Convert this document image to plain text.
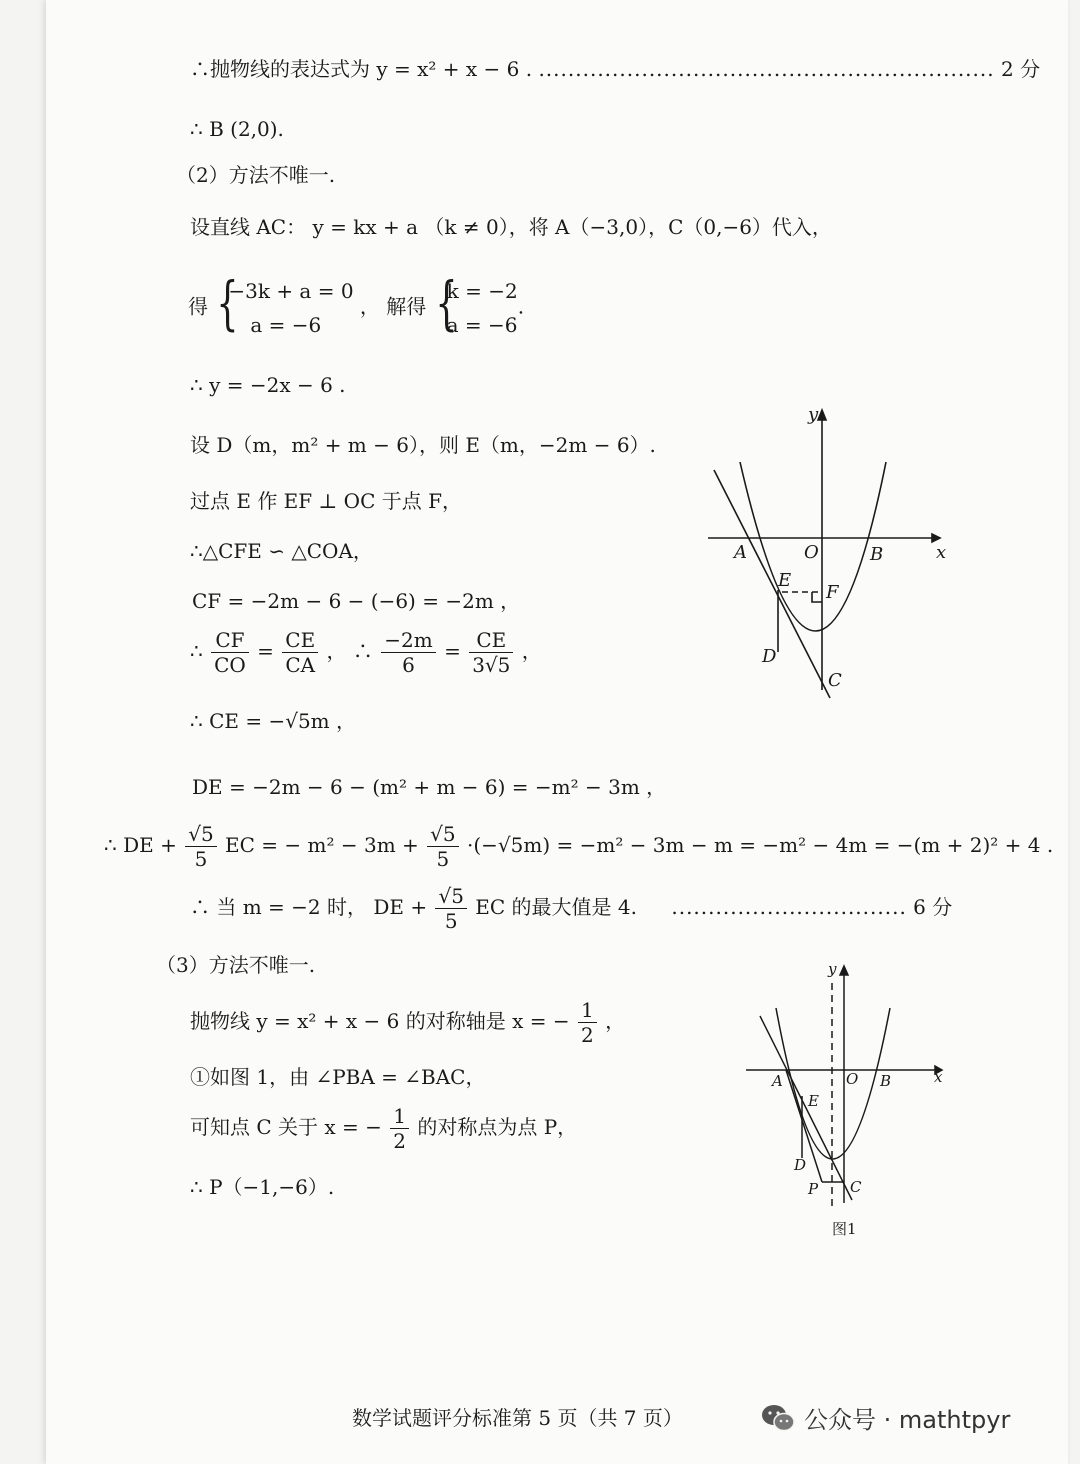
∴抛物线的表达式为 y = x² + x − 6 . .............................................................. 2 分
∴ B (2,0).
（2）方法不唯一.
设直线 AC： y = kx + a （k ≠ 0），将 A（−3,0），C（0,−6）代入，
得 {
−3k + a = 0
a = −6
， 解得 {
k = −2
a = −6
.
∴ y = −2x − 6 .
设 D（m，m² + m − 6），则 E（m，−2m − 6）.
过点 E 作 EF ⊥ OC 于点 F，
∴△CFE ∽ △COA，
CF = −2m − 6 − (−6) = −2m ，
∴ $\frac{CF}{CO} = \frac{CE}{CA}$ ， ∴ $\frac{-2m}{6} = \frac{CE}{3√5}$ ，
∴ CE = −√5m ，
DE = −2m − 6 − (m² + m − 6) = −m² − 3m ，
∴ DE + $\frac{√5}{5}$ EC = − $m^2 - 3m + \frac{√5}{5} \cdot(-√5m) = -m^2 - 3m - m = -m^2 - 4m = -(m + 2)^2 + 4$ .
∴ 当 m = −2 时， DE + $\frac{√5}{5}$ EC 的最大值是 4. ................................ 6 分
（3）方法不唯一.
抛物线 y = x² + x − 6 的对称轴是 x = − $\frac{1}{2}$ ，
①如图 1，由 ∠PBA = ∠BAC，
可知点 C 关于 x = − $\frac{1}{2}$ 的对称点为点 P，
∴ P（−1,−6）.
y
x
A	O	B
E
F
D
C
y
x
A	O B
E
D
P C
图1
数学试题评分标准第 5 页（共 7 页）	公众号 · mathtpyr
